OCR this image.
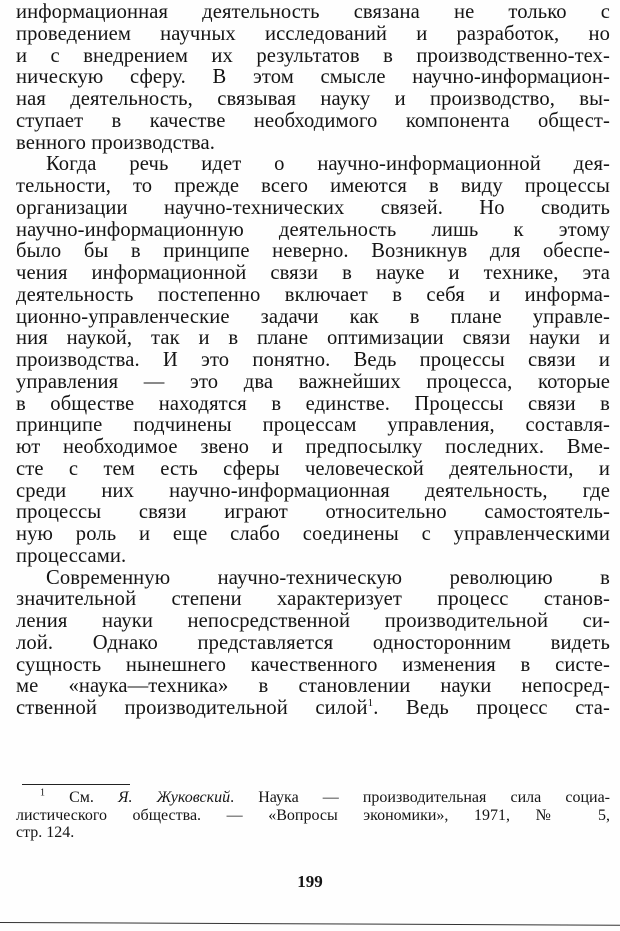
информационная деятельность связана не только с
проведением научных исследований и разработок, но
и с внедрением их результатов в производственно-тех-
ническую сферу. В этом смысле научно-информацион-
ная деятельность, связывая науку и производство, вы-
ступает в качестве необходимого компонента общест-
венного производства.
Когда речь идет о научно-информационной дея-
тельности, то прежде всего имеются в виду процессы
организации научно-технических связей. Но сводить
научно-информационную деятельность лишь к этому
было бы в принципе неверно. Возникнув для обеспе-
чения информационной связи в науке и технике, эта
деятельность постепенно включает в себя и информа-
ционно-управленческие задачи как в плане управле-
ния наукой, так и в плане оптимизации связи науки и
производства. И это понятно. Ведь процессы связи и
управления — это два важнейших процесса, которые
в обществе находятся в единстве. Процессы связи в
принципе подчинены процессам управления, составля-
ют необходимое звено и предпосылку последних. Вме-
сте с тем есть сферы человеческой деятельности, и
среди них научно-информационная деятельность, где
процессы связи играют относительно самостоятель-
ную роль и еще слабо соединены с управленческими
процессами.
Современную научно-техническую революцию в
значительной степени характеризует процесс станов-
ления науки непосредственной производительной си-
лой. Однако представляется односторонним видеть
сущность нынешнего качественного изменения в систе-
ме «наука—техника» в становлении науки непосред-
ственной производительной силой$^1$. Ведь процесс ста-
$^1$ См. Я. Жуковский. Наука — производительная сила социа-
листического общества. — «Вопросы экономики», 1971, № 5,
стр. 124.
199
